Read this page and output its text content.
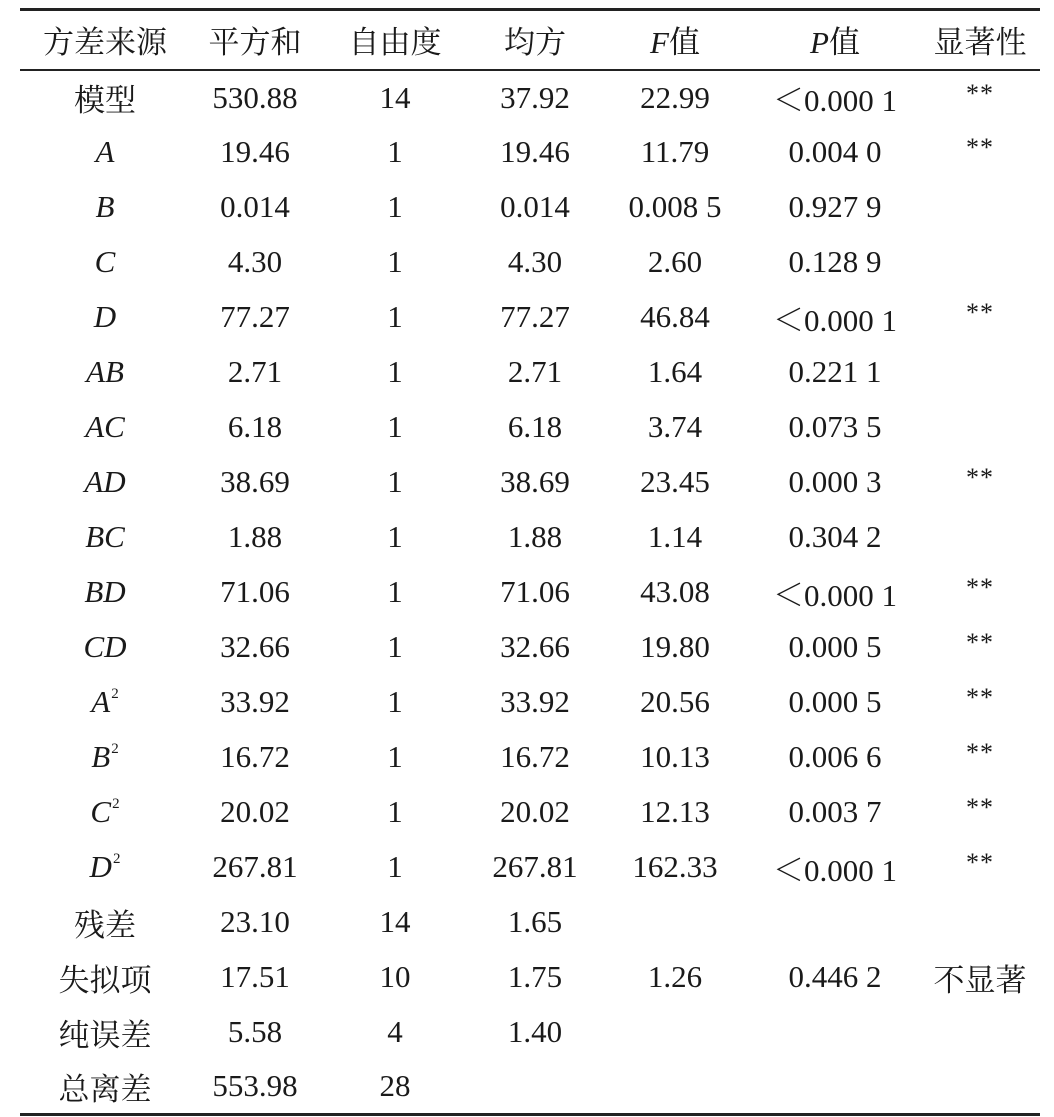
方差来源	平方和	自由度	均方	F值	P值	显著性
模型	530.88	14	37.92	22.99	＜0.000 1	**
A	19.46	1	19.46	11.79	0.004 0	**
B	0.014	1	0.014	0.008 5	0.927 9	
C	4.30	1	4.30	2.60	0.128 9	
D	77.27	1	77.27	46.84	＜0.000 1	**
AB	2.71	1	2.71	1.64	0.221 1	
AC	6.18	1	6.18	3.74	0.073 5	
AD	38.69	1	38.69	23.45	0.000 3	**
BC	1.88	1	1.88	1.14	0.304 2	
BD	71.06	1	71.06	43.08	＜0.000 1	**
CD	32.66	1	32.66	19.80	0.000 5	**
$A^2$	33.92	1	33.92	20.56	0.000 5	**
$B^2$	16.72	1	16.72	10.13	0.006 6	**
$C^2$	20.02	1	20.02	12.13	0.003 7	**
$D^2$	267.81	1	267.81	162.33	＜0.000 1	**
残差	23.10	14	1.65			
失拟项	17.51	10	1.75	1.26	0.446 2	不显著
纯误差	5.58	4	1.40			
总离差	553.98	28				
